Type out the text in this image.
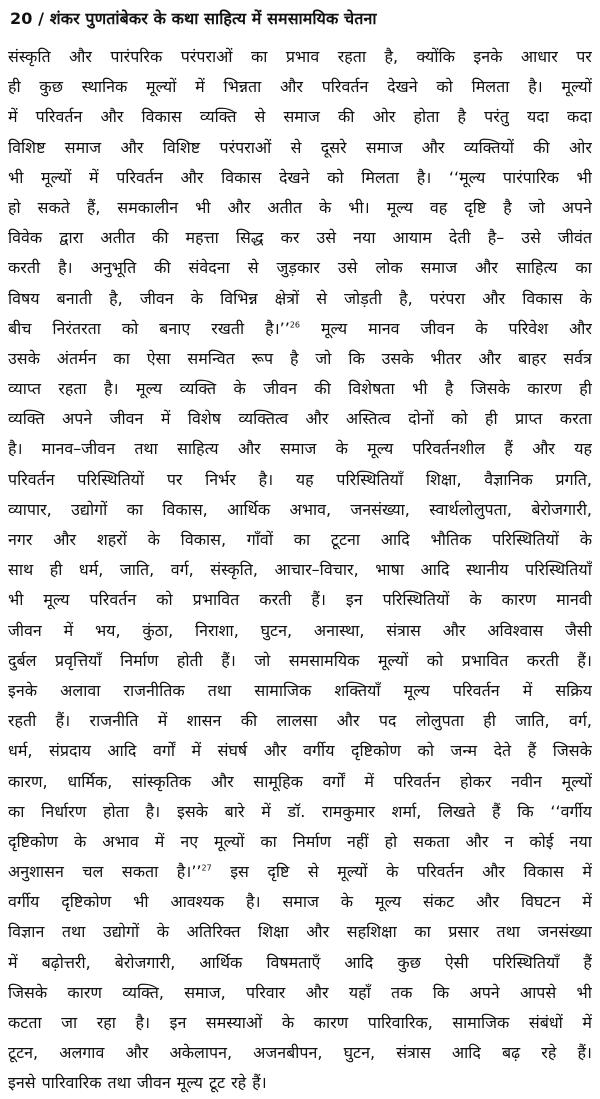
20 / शंकर पुणतांबेकर के कथा साहित्य में समसामयिक चेतना
संस्कृति और पारंपरिक परंपराओं का प्रभाव रहता है, क्योंकि इनके आधार पर
ही कुछ स्थानिक मूल्यों में भिन्नता और परिवर्तन देखने को मिलता है। मूल्यों
में परिवर्तन और विकास व्यक्ति से समाज की ओर होता है परंतु यदा कदा
विशिष्ट समाज और विशिष्ट परंपराओं से दूसरे समाज और व्यक्तियों की ओर
भी मूल्यों में परिवर्तन और विकास देखने को मिलता है। ‘‘मूल्य पारंपारिक भी
हो सकते हैं, समकालीन भी और अतीत के भी। मूल्य वह दृष्टि है जो अपने
विवेक द्वारा अतीत की महत्ता सिद्ध कर उसे नया आयाम देती है– उसे जीवंत
करती है। अनुभूति की संवेदना से जुड़कार उसे लोक समाज और साहित्य का
विषय बनाती है, जीवन के विभिन्न क्षेत्रों से जोड़ती है, परंपरा और विकास के
बीच निरंतरता को बनाए रखती है।’’$^{26}$ मूल्य मानव जीवन के परिवेश और
उसके अंतर्मन का ऐसा समन्वित रूप है जो कि उसके भीतर और बाहर सर्वत्र
व्याप्त रहता है। मूल्य व्यक्ति के जीवन की विशेषता भी है जिसके कारण ही
व्यक्ति अपने जीवन में विशेष व्यक्तित्व और अस्तित्व दोनों को ही प्राप्त करता
है। मानव–जीवन तथा साहित्य और समाज के मूल्य परिवर्तनशील हैं और यह
परिवर्तन परिस्थितियों पर निर्भर है। यह परिस्थितियाँ शिक्षा, वैज्ञानिक प्रगति,
व्यापार, उद्योगों का विकास, आर्थिक अभाव, जनसंख्या, स्वार्थलोलुपता, बेरोजगारी,
नगर और शहरों के विकास, गाँवों का टूटना आदि भौतिक परिस्थितियों के
साथ ही धर्म, जाति, वर्ग, संस्कृति, आचार–विचार, भाषा आदि स्थानीय परिस्थितियाँ
भी मूल्य परिवर्तन को प्रभावित करती हैं। इन परिस्थितियों के कारण मानवी
जीवन में भय, कुंठा, निराशा, घुटन, अनास्था, संत्रास और अविश्वास जैसी
दुर्बल प्रवृत्तियाँ निर्माण होती हैं। जो समसामयिक मूल्यों को प्रभावित करती हैं।
इनके अलावा राजनीतिक तथा सामाजिक शक्तियाँ मूल्य परिवर्तन में सक्रिय
रहती हैं। राजनीति में शासन की लालसा और पद लोलुपता ही जाति, वर्ग,
धर्म, संप्रदाय आदि वर्गों में संघर्ष और वर्गीय दृष्टिकोण को जन्म देते हैं जिसके
कारण, धार्मिक, सांस्कृतिक और सामूहिक वर्गों में परिवर्तन होकर नवीन मूल्यों
का निर्धारण होता है। इसके बारे में डॉ. रामकुमार शर्मा, लिखते हैं कि ‘‘वर्गीय
दृष्टिकोण के अभाव में नए मूल्यों का निर्माण नहीं हो सकता और न कोई नया
अनुशासन चल सकता है।’’$^{27}$ इस दृष्टि से मूल्यों के परिवर्तन और विकास में
वर्गीय दृष्टिकोण भी आवश्यक है। समाज के मूल्य संकट और विघटन में
विज्ञान तथा उद्योगों के अतिरिक्त शिक्षा और सहशिक्षा का प्रसार तथा जनसंख्या
में बढ़ोत्तरी, बेरोजगारी, आर्थिक विषमताएँ आदि कुछ ऐसी परिस्थितियाँ हैं
जिसके कारण व्यक्ति, समाज, परिवार और यहाँ तक कि अपने आपसे भी
कटता जा रहा है। इन समस्याओं के कारण पारिवारिक, सामाजिक संबंधों में
टूटन, अलगाव और अकेलापन, अजनबीपन, घुटन, संत्रास आदि बढ़ रहे हैं।
इनसे पारिवारिक तथा जीवन मूल्य टूट रहे हैं।
